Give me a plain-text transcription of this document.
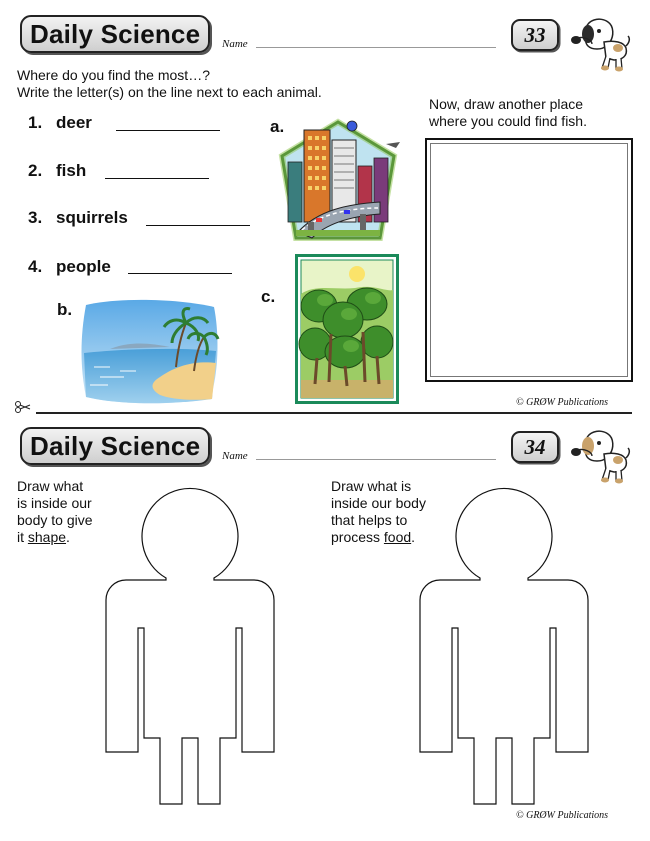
Daily Science	Name	33
Where do you find the most…?
Write the letter(s) on the line next to each animal.
1. deer
2. fish
3. squirrels
4. people
a.
b.
c.
Now, draw another place
where you could find fish.
© GRØW Publications
Daily Science	Name	34
Draw what
is inside our
body to give
it shape.
Draw what is
inside our body
that helps to
process food.
© GRØW Publications
